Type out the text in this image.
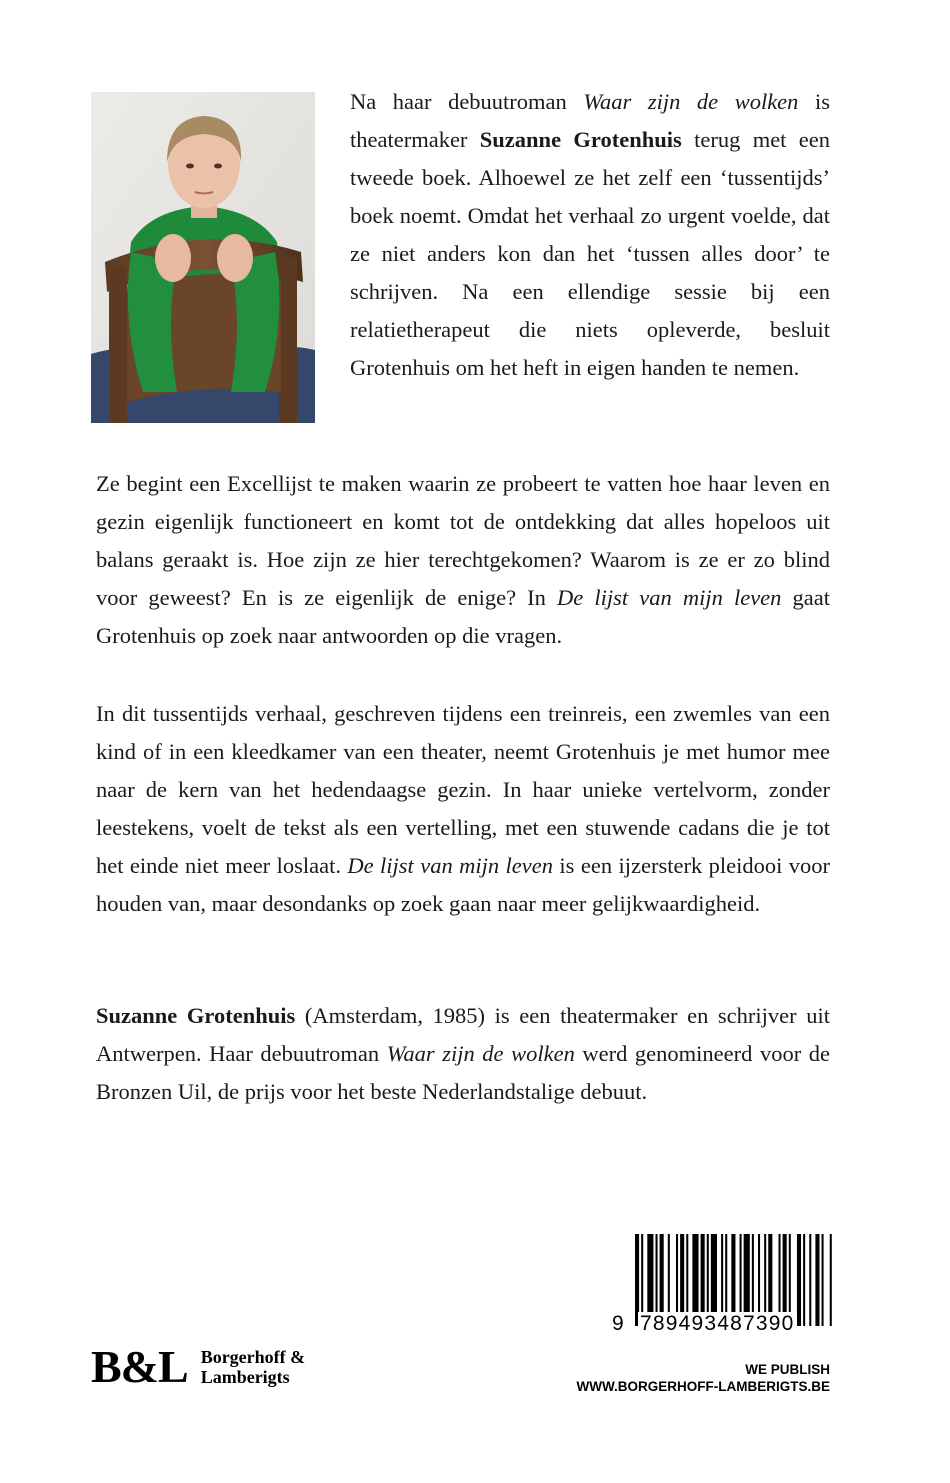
Na haar debuutroman Waar zijn de wolken is theatermaker Suzanne Grotenhuis terug met een tweede boek. Alhoewel ze het zelf een ‘tussentijds’ boek noemt. Omdat het verhaal zo urgent voelde, dat ze niet anders kon dan het ‘tussen alles door’ te schrijven. Na een ellendige sessie bij een relatietherapeut die niets opleverde, besluit Grotenhuis om het heft in eigen handen te nemen.

Ze begint een Excellijst te maken waarin ze probeert te vatten hoe haar leven en gezin eigenlijk functioneert en komt tot de ontdekking dat alles hopeloos uit balans geraakt is. Hoe zijn ze hier terechtgekomen? Waarom is ze er zo blind voor geweest? En is ze eigenlijk de enige? In De lijst van mijn leven gaat Grotenhuis op zoek naar antwoorden op die vragen.

In dit tussentijds verhaal, geschreven tijdens een treinreis, een zwemles van een kind of in een kleedkamer van een theater, neemt Grotenhuis je met humor mee naar de kern van het hedendaagse gezin. In haar unieke vertelvorm, zonder leestekens, voelt de tekst als een vertelling, met een stuwende cadans die je tot het einde niet meer loslaat. De lijst van mijn leven is een ijzersterk pleidooi voor houden van, maar desondanks op zoek gaan naar meer gelijkwaardigheid.

Suzanne Grotenhuis (Amsterdam, 1985) is een theatermaker en schrijver uit Antwerpen. Haar debuutroman Waar zijn de wolken werd genomineerd voor de Bronzen Uil, de prijs voor het beste Nederlandstalige debuut.

9 789493487390
B&L Borgerhoff &
Lamberigts	WE PUBLISH
WWW.BORGERHOFF-LAMBERIGTS.BE
